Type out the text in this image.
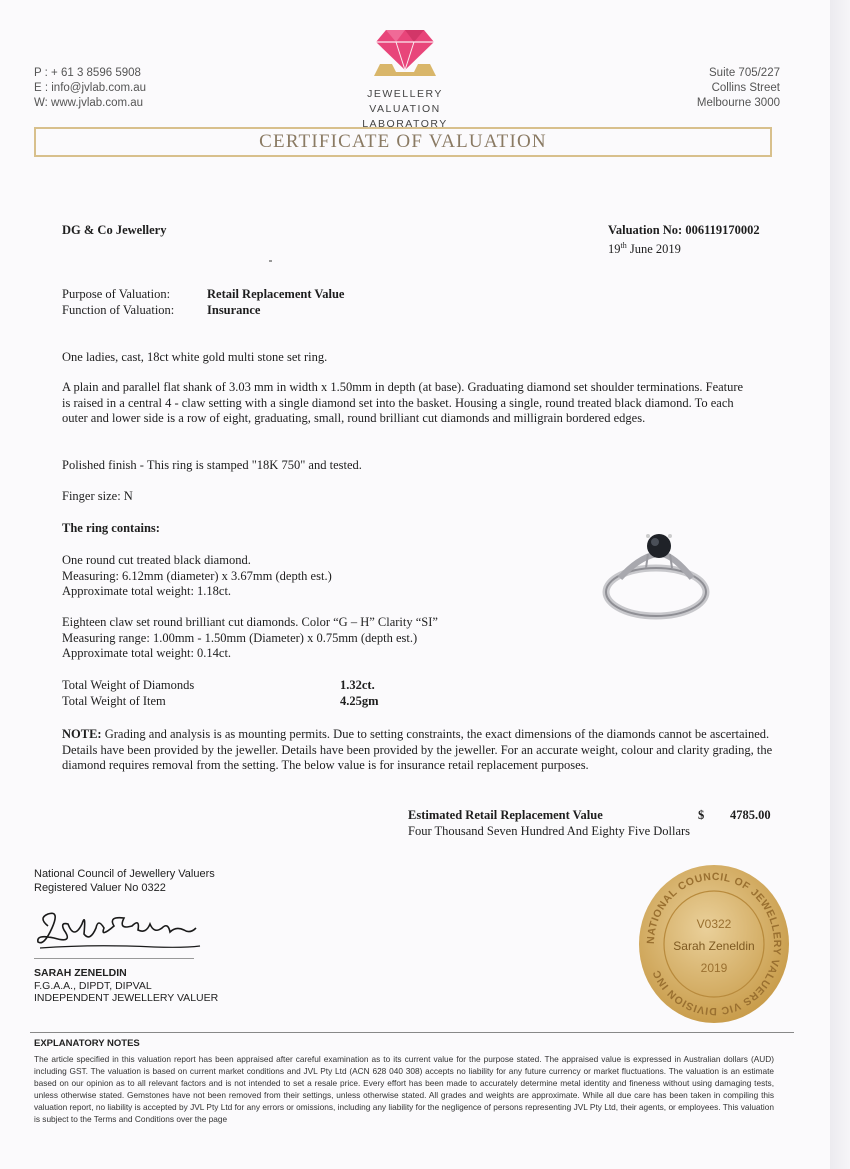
P : + 61 3 8596 5908
E : info@jvlab.com.au
W: www.jvlab.com.au
JEWELLERY VALUATION
LABORATORY
Suite 705/227
Collins Street
Melbourne 3000
CERTIFICATE OF VALUATION
DG & Co Jewellery	Valuation No: 006119170002
19th June 2019
Purpose of Valuation:	Retail Replacement Value
Function of Valuation:	Insurance
One ladies, cast, 18ct white gold multi stone set ring.
A plain and parallel flat shank of 3.03 mm in width x 1.50mm in depth (at base). Graduating diamond set shoulder terminations. Feature is raised in a central 4 - claw setting with a single diamond set into the basket. Housing a single, round treated black diamond. To each outer and lower side is a row of eight, graduating, small, round brilliant cut diamonds and milligrain bordered edges.
Polished finish - This ring is stamped "18K 750" and tested.
Finger size: N
The ring contains:
One round cut treated black diamond.
Measuring: 6.12mm (diameter) x 3.67mm (depth est.)
Approximate total weight: 1.18ct.
Eighteen claw set round brilliant cut diamonds. Color “G – H” Clarity “SI”
Measuring range: 1.00mm - 1.50mm (Diameter) x 0.75mm (depth est.)
Approximate total weight: 0.14ct.
Total Weight of Diamonds	1.32ct.
Total Weight of Item	4.25gm
NOTE: Grading and analysis is as mounting permits. Due to setting constraints, the exact dimensions of the diamonds cannot be ascertained. Details have been provided by the jeweller. Details have been provided by the jeweller. For an accurate weight, colour and clarity grading, the diamond requires removal from the setting. The below value is for insurance retail replacement purposes.
Estimated Retail Replacement Value	$ 4785.00
Four Thousand Seven Hundred And Eighty Five Dollars
National Council of Jewellery Valuers
Registered Valuer No 0322
SARAH ZENELDIN
F.G.A.A., DIPDT, DIPVAL
INDEPENDENT JEWELLERY VALUER
NATIONAL COUNCIL OF JEWELLERY VALUERS VIC DIVISION INC
V0322
Sarah Zeneldin
2019
EXPLANATORY NOTES
The article specified in this valuation report has been appraised after careful examination as to its current value for the purpose stated. The appraised value is expressed in Australian dollars (AUD) including GST. The valuation is based on current market conditions and JVL Pty Ltd (ACN 628 040 308) accepts no liability for any future currency or market fluctuations. The valuation is an estimate based on our opinion as to all relevant factors and is not intended to set a resale price. Every effort has been made to accurately determine metal identity and fineness without using damaging tests, unless otherwise stated. Gemstones have not been removed from their settings, unless otherwise stated. All grades and weights are approximate. While all due care has been taken in compiling this valuation report, no liability is accepted by JVL Pty Ltd for any errors or omissions, including any liability for the negligence of persons representing JVL Pty Ltd, their agents, or employees. This valuation is subject to the Terms and Conditions over the page
